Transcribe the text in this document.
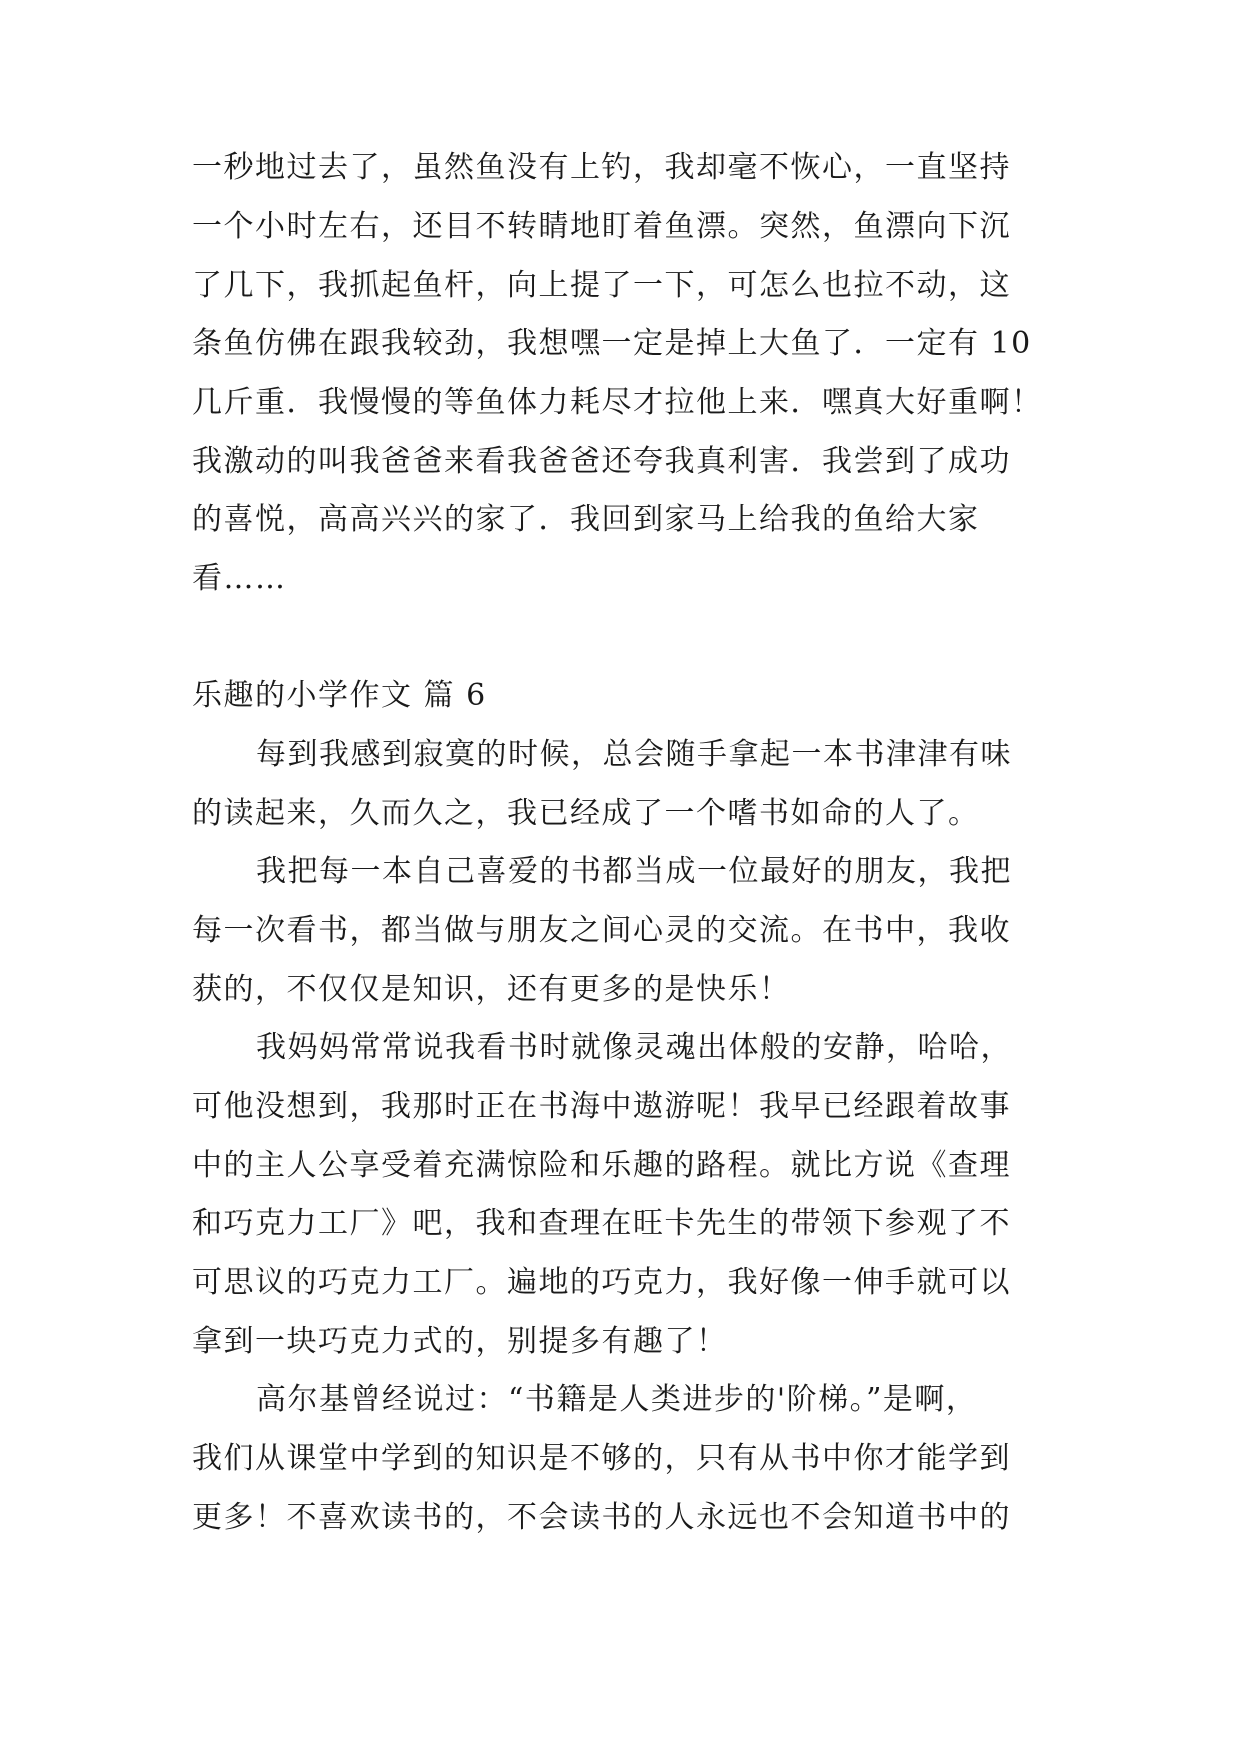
一秒地过去了，虽然鱼没有上钓，我却毫不恢心，一直坚持
一个小时左右，还目不转睛地盯着鱼漂。突然，鱼漂向下沉
了几下，我抓起鱼杆，向上提了一下，可怎么也拉不动，这
条鱼仿佛在跟我较劲，我想嘿一定是掉上大鱼了．一定有 10
几斤重．我慢慢的等鱼体力耗尽才拉他上来．嘿真大好重啊！
我激动的叫我爸爸来看我爸爸还夸我真利害．我尝到了成功
的喜悦，高高兴兴的家了．我回到家马上给我的鱼给大家
看……
乐趣的小学作文 篇 6
每到我感到寂寞的时候，总会随手拿起一本书津津有味
的读起来，久而久之，我已经成了一个嗜书如命的人了。
我把每一本自己喜爱的书都当成一位最好的朋友，我把
每一次看书，都当做与朋友之间心灵的交流。在书中，我收
获的，不仅仅是知识，还有更多的是快乐！
我妈妈常常说我看书时就像灵魂出体般的安静，哈哈，
可他没想到，我那时正在书海中遨游呢！我早已经跟着故事
中的主人公享受着充满惊险和乐趣的路程。就比方说《查理
和巧克力工厂》吧，我和查理在旺卡先生的带领下参观了不
可思议的巧克力工厂。遍地的巧克力，我好像一伸手就可以
拿到一块巧克力式的，别提多有趣了！
高尔基曾经说过：“书籍是人类进步的'阶梯。”是啊，
我们从课堂中学到的知识是不够的，只有从书中你才能学到
更多！不喜欢读书的，不会读书的人永远也不会知道书中的
